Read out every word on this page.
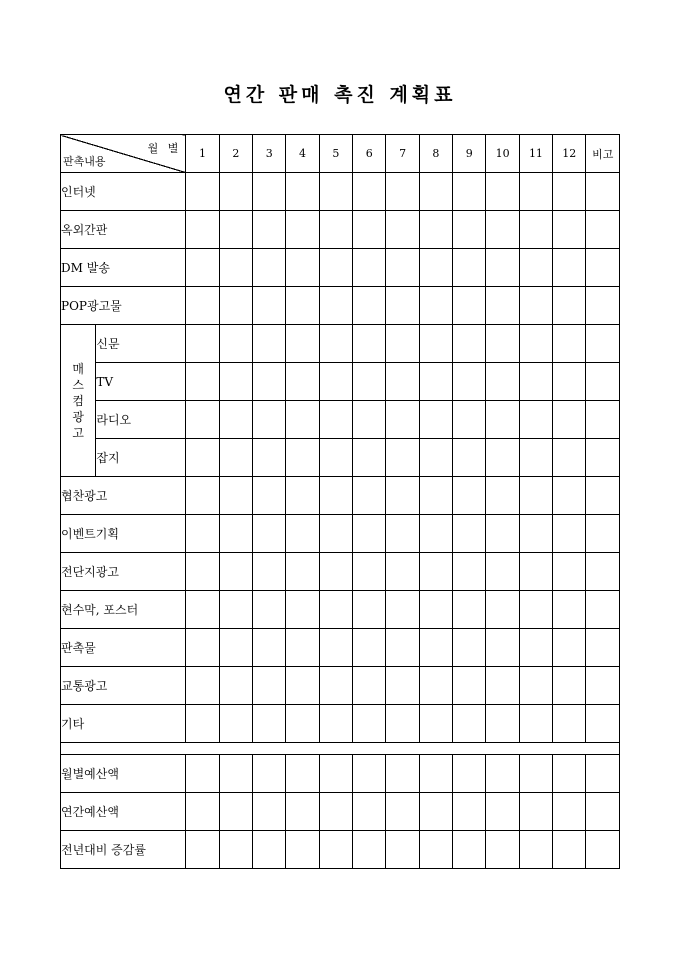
연간 판매 촉진 계획표
월 별
판촉내용		1	2	3	4	5	6	7	8	9	10	11	12	비고
인터넷														
옥외간판														
DM 발송														
POP광고물														

매
스
컴
광
고	신문													
	TV													
	라디오													
	잡지													
협찬광고														
이벤트기획														
전단지광고														
현수막, 포스터														
판촉물														
교통광고														
기타														

월별예산액														
연간예산액														
전년대비 증감률														
